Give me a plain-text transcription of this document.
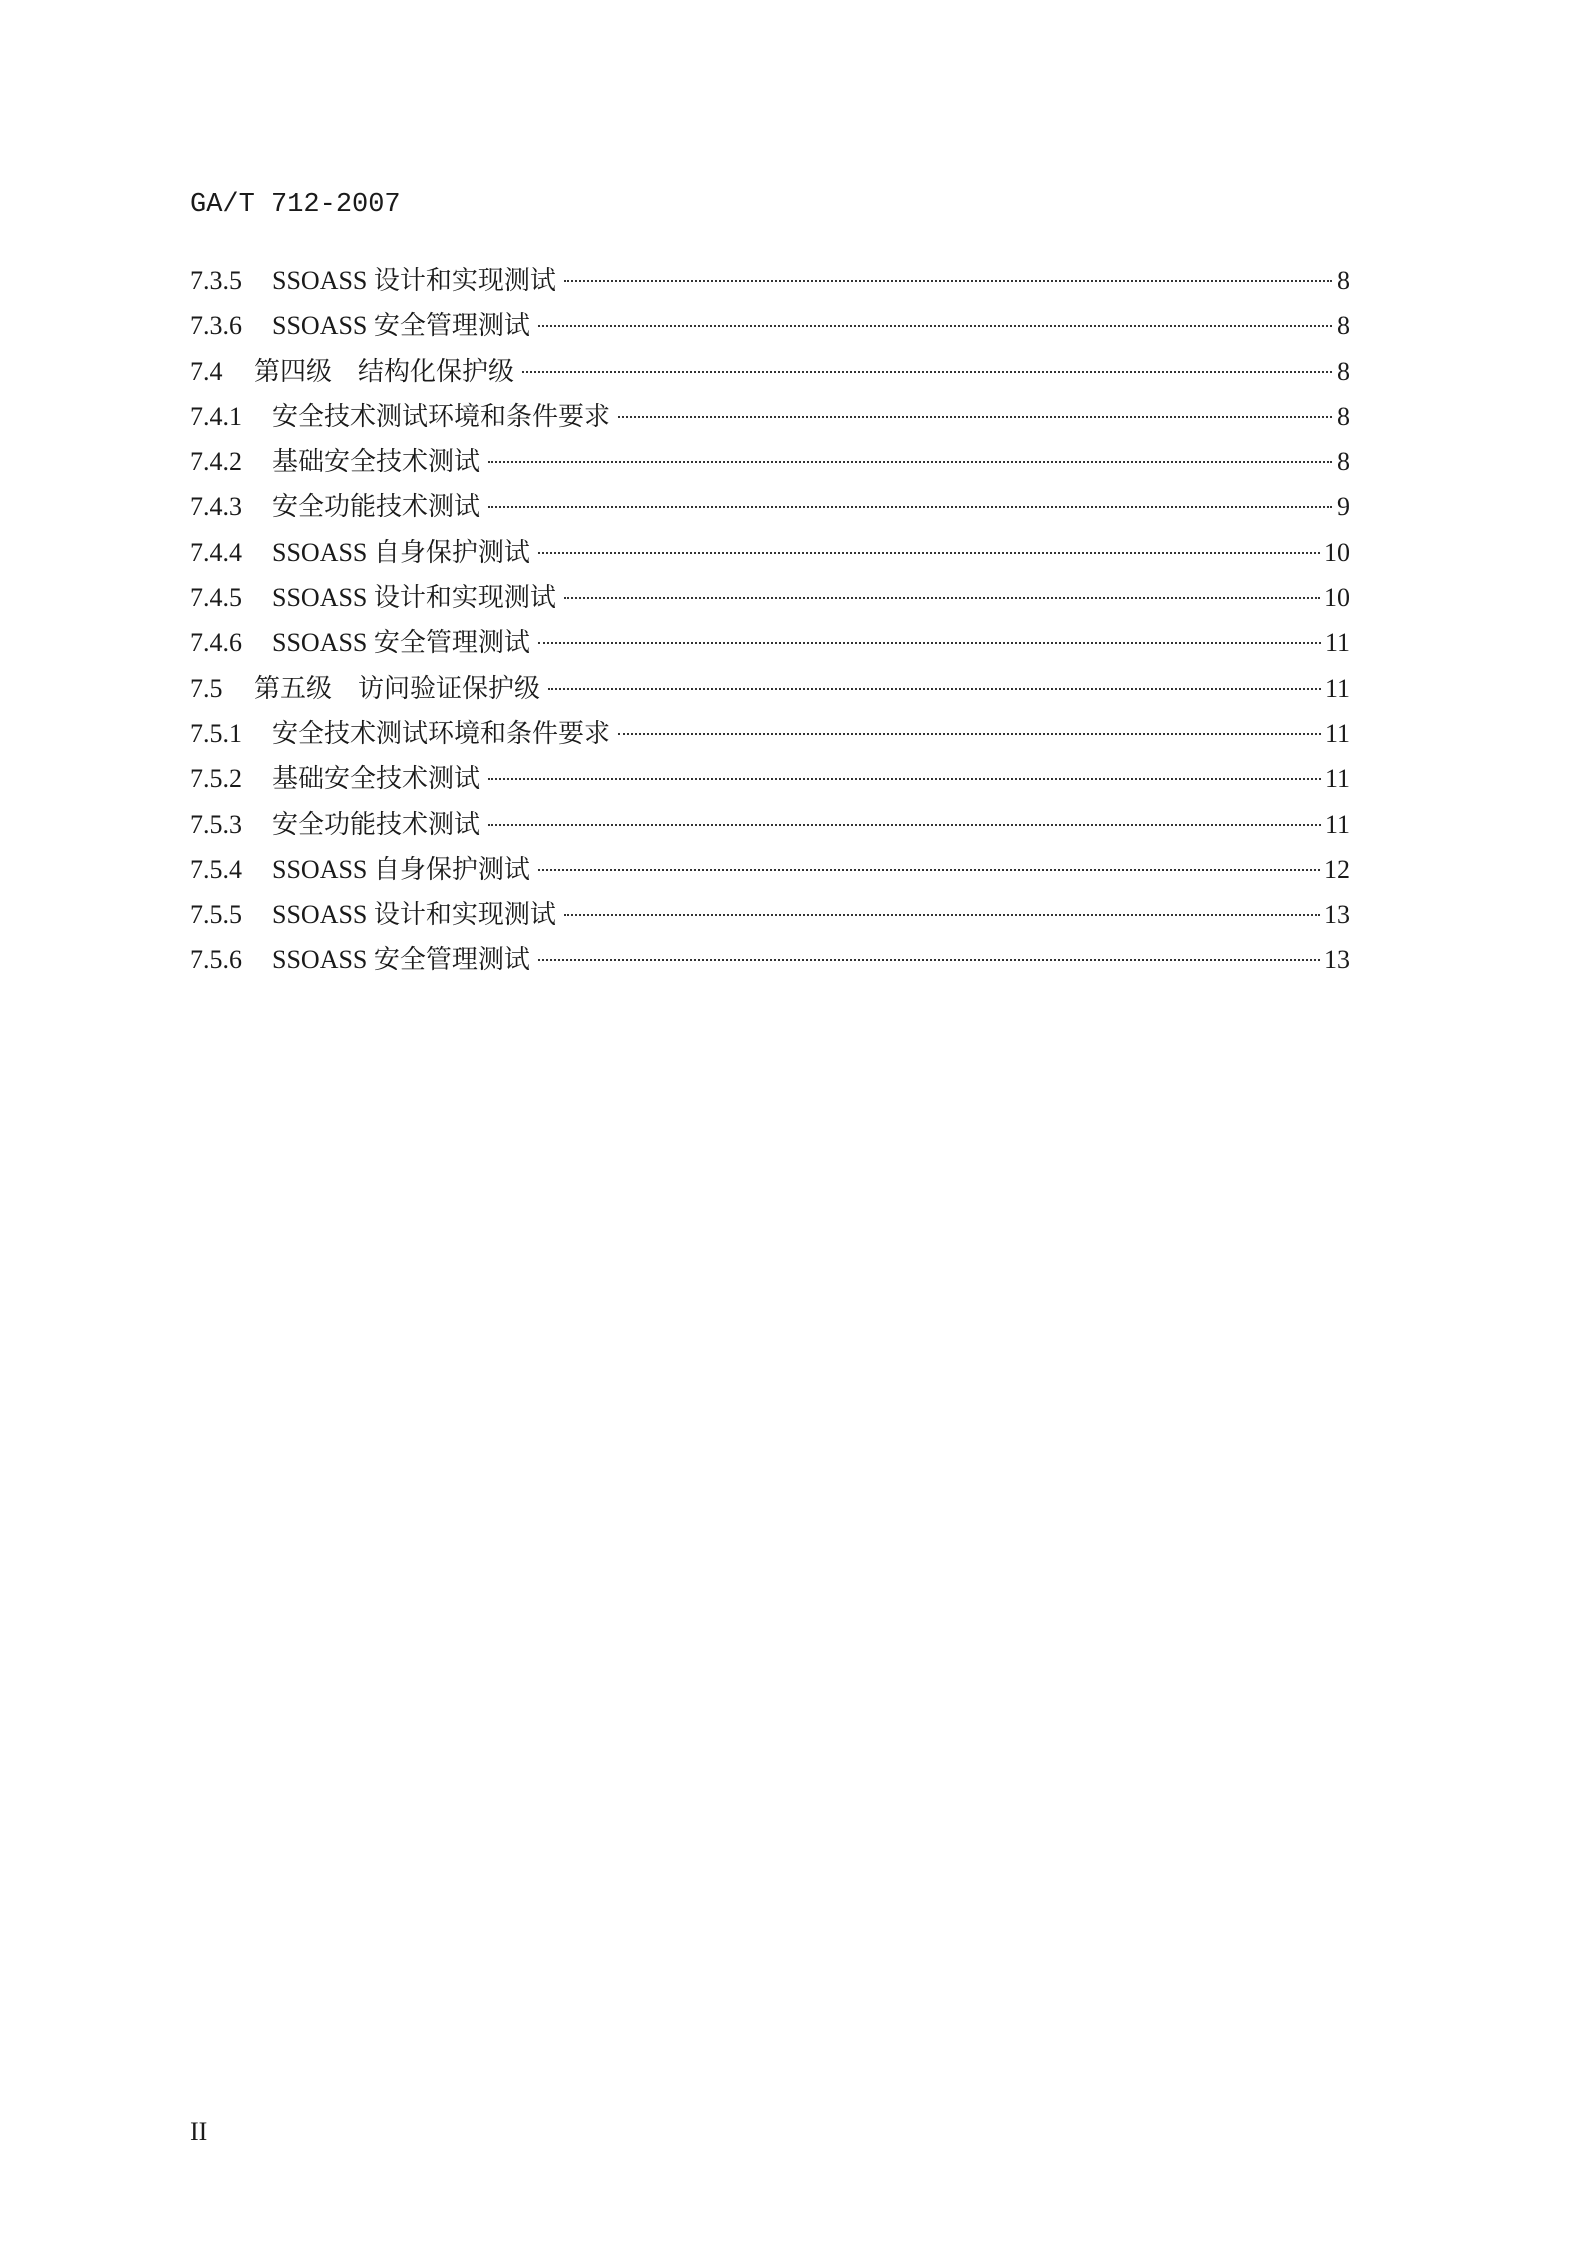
GA/T 712-2007
7.3.5	SSOASS 设计和实现测试	8
7.3.6	SSOASS 安全管理测试	8
7.4	第四级　结构化保护级	8
7.4.1	安全技术测试环境和条件要求	8
7.4.2	基础安全技术测试	8
7.4.3	安全功能技术测试	9
7.4.4	SSOASS 自身保护测试	10
7.4.5	SSOASS 设计和实现测试	10
7.4.6	SSOASS 安全管理测试	11
7.5	第五级　访问验证保护级	11
7.5.1	安全技术测试环境和条件要求	11
7.5.2	基础安全技术测试	11
7.5.3	安全功能技术测试	11
7.5.4	SSOASS 自身保护测试	12
7.5.5	SSOASS 设计和实现测试	13
7.5.6	SSOASS 安全管理测试	13
II
